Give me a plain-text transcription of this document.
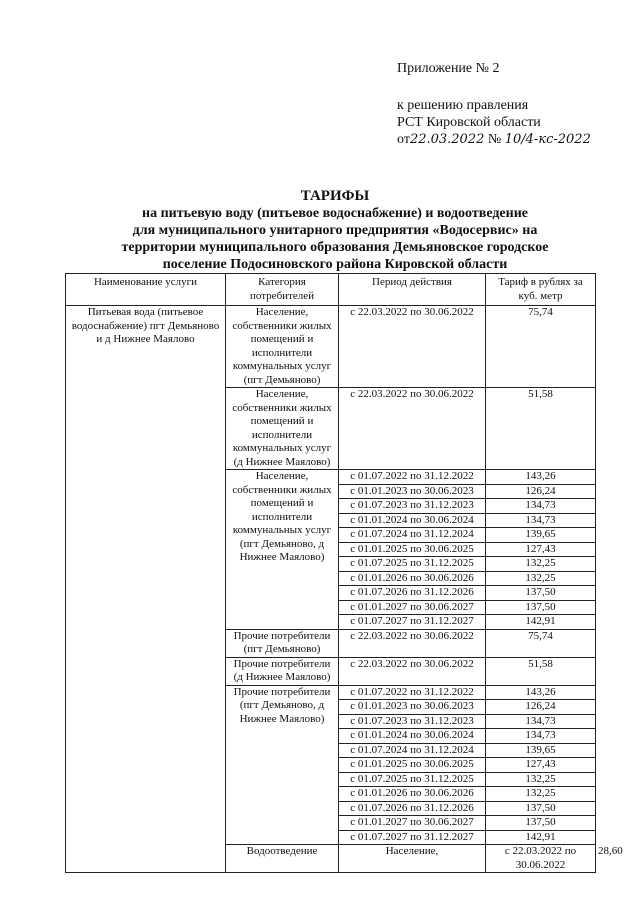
Приложение № 2
к решению правления
РСТ Кировской области
от22.03.2022 № 10/4-кс-2022
ТАРИФЫ
на питьевую воду (питьевое водоснабжение) и водоотведение
для муниципального унитарного предприятия «Водосервис» на
территории муниципального образования Демьяновское городское
поселение Подосиновского района Кировской области
Наименование услуги	Категория потребителей	Период действия	Тариф в рублях за куб. метр	
Питьевая вода (питьевое водоснабжение) пгт Демьяново и д Нижнее Маялово	Население, собственники жилых помещений и исполнители коммунальных услуг (пгт Демьяново)	с 22.03.2022 по 30.06.2022	75,74	
	Население, собственники жилых помещений и исполнители коммунальных услуг (д Нижнее Маялово)	с 22.03.2022 по 30.06.2022	51,58	
	Население, собственники жилых помещений и исполнители коммунальных услуг (пгт Демьяново, д Нижнее Маялово)	с 01.07.2022 по 31.12.2022	143,26	
		с 01.01.2023 по 30.06.2023	126,24	
		с 01.07.2023 по 31.12.2023	134,73	
		с 01.01.2024 по 30.06.2024	134,73	
		с 01.07.2024 по 31.12.2024	139,65	
		с 01.01.2025 по 30.06.2025	127,43	
		с 01.07.2025 по 31.12.2025	132,25	
		с 01.01.2026 по 30.06.2026	132,25	
		с 01.07.2026 по 31.12.2026	137,50	
		с 01.01.2027 по 30.06.2027	137,50	
		с 01.07.2027 по 31.12.2027	142,91	
	Прочие потребители (пгт Демьяново)	с 22.03.2022 по 30.06.2022	75,74	
	Прочие потребители (д Нижнее Маялово)	с 22.03.2022 по 30.06.2022	51,58	
	Прочие потребители (пгт Демьяново, д Нижнее Маялово)	с 01.07.2022 по 31.12.2022	143,26	
		с 01.01.2023 по 30.06.2023	126,24	
		с 01.07.2023 по 31.12.2023	134,73	
		с 01.01.2024 по 30.06.2024	134,73	
		с 01.07.2024 по 31.12.2024	139,65	
		с 01.01.2025 по 30.06.2025	127,43	
		с 01.07.2025 по 31.12.2025	132,25	
		с 01.01.2026 по 30.06.2026	132,25	
		с 01.07.2026 по 31.12.2026	137,50	
		с 01.01.2027 по 30.06.2027	137,50	
		с 01.07.2027 по 31.12.2027	142,91	
	Водоотведение	Население,	с 22.03.2022 по 30.06.2022	28,60
